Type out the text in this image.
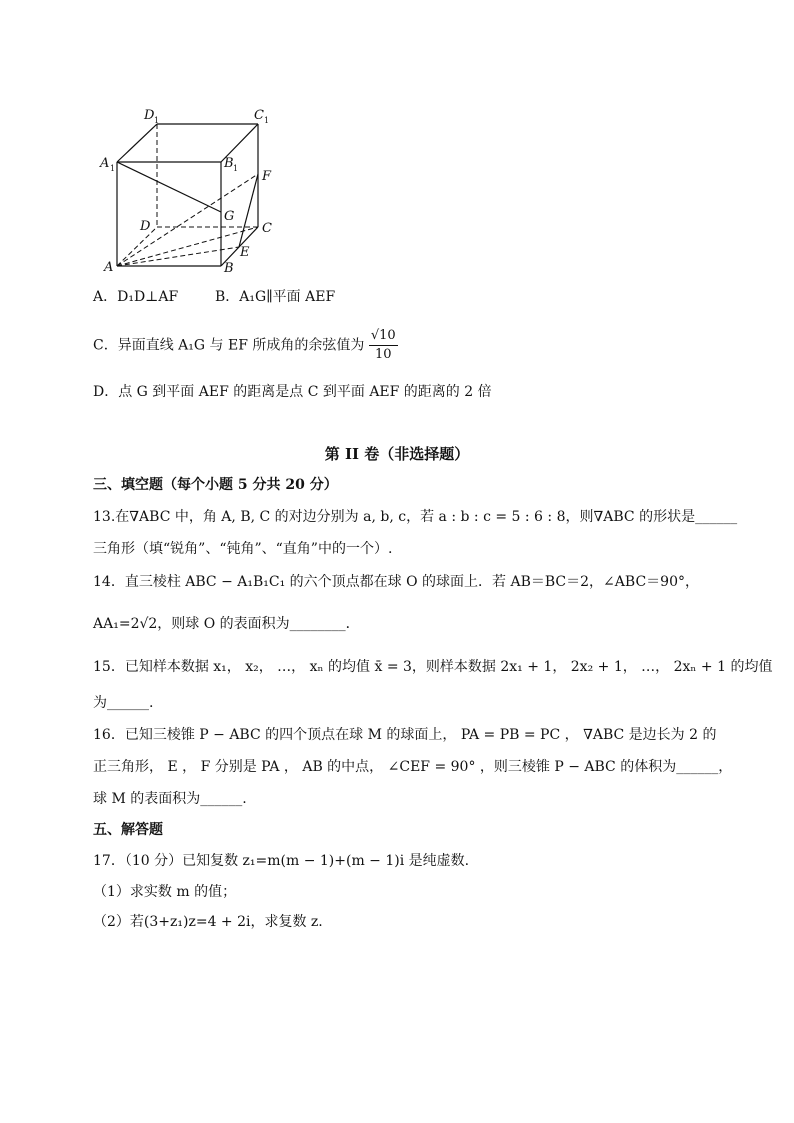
D 1	C 1
A 1	B 1
F
G
D	C
E
A	B
A．D₁D⊥AF	B．A₁G∥平面 AEF
C．异面直线 A₁G 与 EF 所成角的余弦值为 $\frac{√10}{10}$
D．点 G 到平面 AEF 的距离是点 C 到平面 AEF 的距离的 2 倍
第 II 卷（非选择题）
三、填空题（每个小题 5 分共 20 分）
13.在∇ABC 中，角 A, B, C 的对边分别为 a, b, c，若 a : b : c = 5 : 6 : 8，则∇ABC 的形状是______
三角形（填“锐角”、“钝角”、“直角”中的一个）.
14．直三棱柱 ABC − A₁B₁C₁ 的六个顶点都在球 O 的球面上．若 AB＝BC＝2，∠ABC＝90°，
AA₁=2√2，则球 O 的表面积为________．
15．已知样本数据 x₁， x₂， …， xₙ 的均值 x̄ = 3，则样本数据 2x₁ + 1， 2x₂ + 1， …， 2xₙ + 1 的均值
为______.
16．已知三棱锥 P − ABC 的四个顶点在球 M 的球面上， PA = PB = PC ， ∇ABC 是边长为 2 的
正三角形， E ， F 分别是 PA ， AB 的中点， ∠CEF = 90° ，则三棱锥 P − ABC 的体积为______，
球 M 的表面积为______.
五、解答题
17．（10 分）已知复数 z₁=m(m − 1)+(m − 1)i 是纯虚数.
（1）求实数 m 的值；
（2）若(3+z₁)z=4 + 2i，求复数 z.
